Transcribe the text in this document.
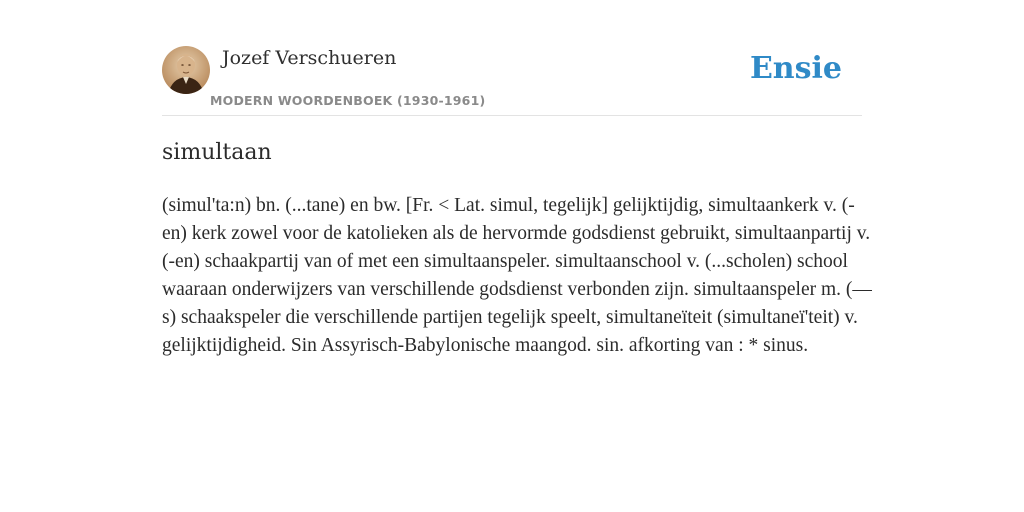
Jozef Verschueren
MODERN WOORDENBOEK (1930-1961)
Ensie
simultaan

(simul'ta:n) bn. (...tane) en bw. [Fr. < Lat. simul, tegelijk] gelijktijdig, simultaankerk v. (-en) kerk zowel voor de katolieken als de hervormde godsdienst gebruikt, simultaanpartij v. (-en) schaakpartij van of met een simultaanspeler. simultaanschool v. (...scholen) school waaraan onderwijzers van verschillende godsdienst verbonden zijn. simultaanspeler m. (—s) schaakspeler die verschillende partijen tegelijk speelt, simultaneïteit (simultaneï'teit) v. gelijktijdigheid. Sin Assyrisch-Babylonische maangod. sin. afkorting van : * sinus.
